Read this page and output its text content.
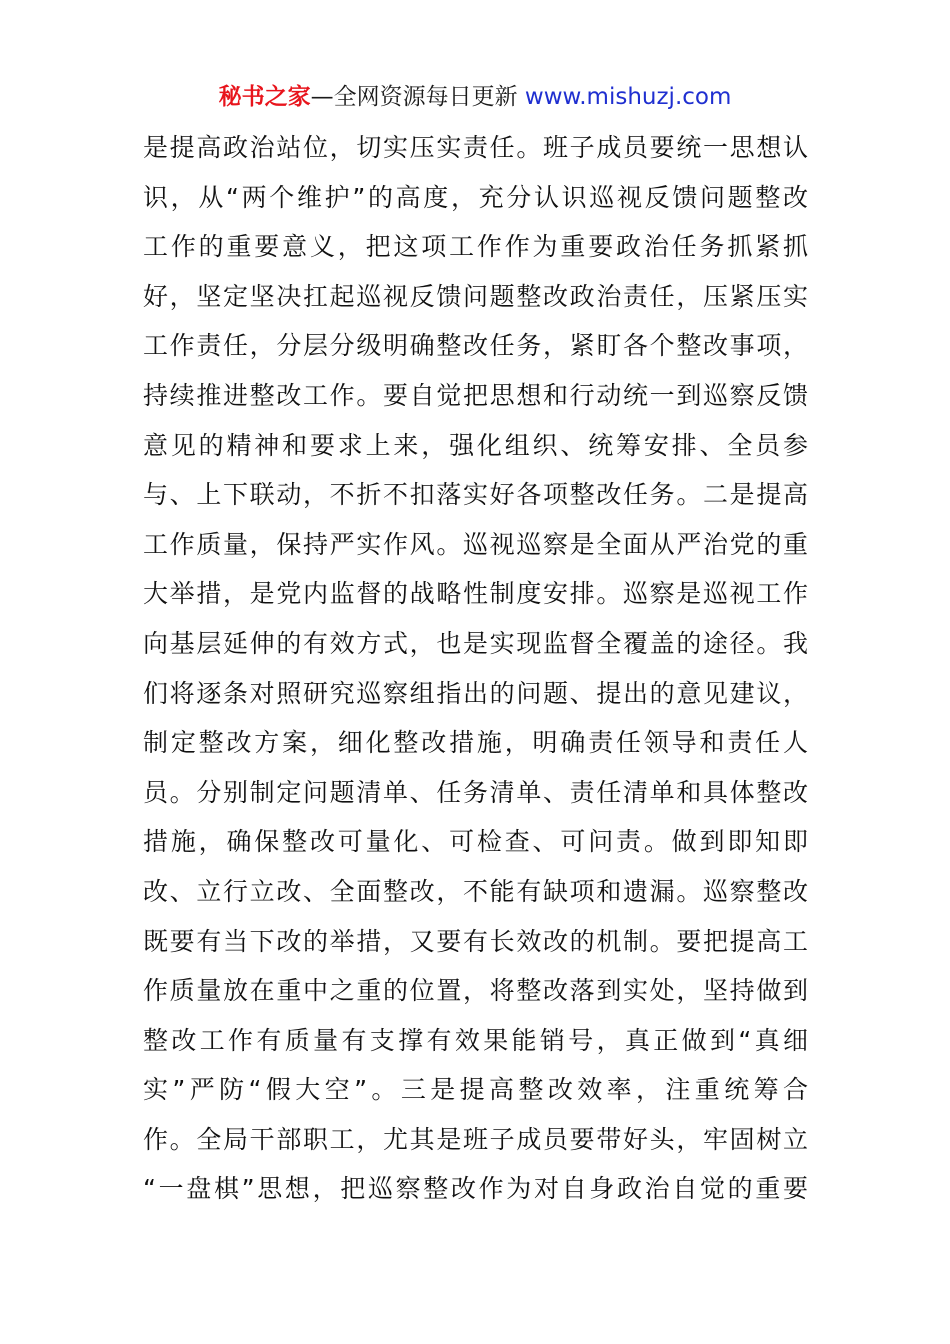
秘书之家—全网资源每日更新 www.mishuzj.com
是提高政治站位，切实压实责任。班子成员要统一思想认
识，从“两个维护”的高度，充分认识巡视反馈问题整改
工作的重要意义，把这项工作作为重要政治任务抓紧抓
好，坚定坚决扛起巡视反馈问题整改政治责任，压紧压实
工作责任，分层分级明确整改任务，紧盯各个整改事项，
持续推进整改工作。要自觉把思想和行动统一到巡察反馈
意见的精神和要求上来，强化组织、统筹安排、全员参
与、上下联动，不折不扣落实好各项整改任务。二是提高
工作质量，保持严实作风。巡视巡察是全面从严治党的重
大举措，是党内监督的战略性制度安排。巡察是巡视工作
向基层延伸的有效方式，也是实现监督全覆盖的途径。我
们将逐条对照研究巡察组指出的问题、提出的意见建议，
制定整改方案，细化整改措施，明确责任领导和责任人
员。分别制定问题清单、任务清单、责任清单和具体整改
措施，确保整改可量化、可检查、可问责。做到即知即
改、立行立改、全面整改，不能有缺项和遗漏。巡察整改
既要有当下改的举措，又要有长效改的机制。要把提高工
作质量放在重中之重的位置，将整改落到实处，坚持做到
整改工作有质量有支撑有效果能销号，真正做到“真细
实”严防“假大空”。三是提高整改效率，注重统筹合
作。全局干部职工，尤其是班子成员要带好头，牢固树立
“一盘棋”思想，把巡察整改作为对自身政治自觉的重要
